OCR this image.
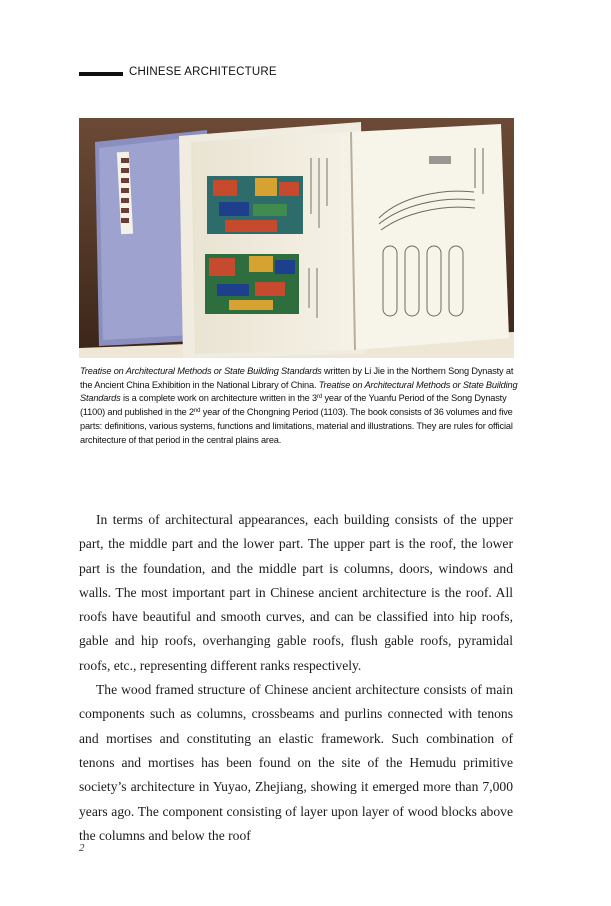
CHINESE ARCHITECTURE
Treatise on Architectural Methods or State Building Standards written by Li Jie in the Northern Song Dynasty at the Ancient China Exhibition in the National Library of China. Treatise on Architectural Methods or State Building Standards is a complete work on architecture written in the 3rd year of the Yuanfu Period of the Song Dynasty (1100) and published in the 2nd year of the Chongning Period (1103). The book consists of 36 volumes and five parts: definitions, various systems, functions and limitations, material and illustrations. They are rules for official architecture of that period in the central plains area.

In terms of architectural appearances, each building consists of the upper part, the middle part and the lower part. The upper part is the roof, the lower part is the foundation, and the middle part is columns, doors, windows and walls. The most important part in Chinese ancient architecture is the roof. All roofs have beautiful and smooth curves, and can be classified into hip roofs, gable and hip roofs, overhanging gable roofs, flush gable roofs, pyramidal roofs, etc., representing different ranks respectively.

The wood framed structure of Chinese ancient architecture consists of main components such as columns, crossbeams and purlins connected with tenons and mortises and constituting an elastic framework. Such combination of tenons and mortises has been found on the site of the Hemudu primitive society’s architecture in Yuyao, Zhejiang, showing it emerged more than 7,000 years ago. The component consisting of layer upon layer of wood blocks above the columns and below the roof

2
